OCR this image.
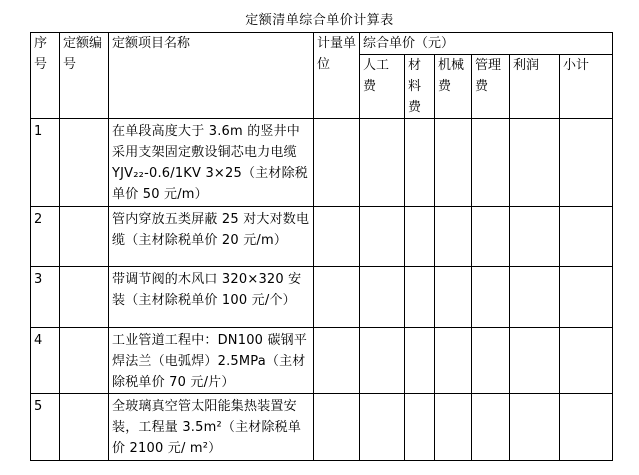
定额清单综合单价计算表
序号	定额编号	定额项目名称	计量单位	综合单价（元）					
				人工费	材料费	机械费	管理费	利润	小计
1		在单段高度大于 3.6m 的竖井中采用支架固定敷设铜芯电力电缆 YJV₂₂-0.6/1KV 3×25（主材除税单价 50 元/m）							
2		管内穿放五类屏蔽 25 对大对数电缆（主材除税单价 20 元/m）							
3		带调节阀的木风口 320×320 安装（主材除税单价 100 元/个）							
4		工业管道工程中：DN100 碳钢平焊法兰（电弧焊）2.5MPa（主材除税单价 70 元/片）							
5		全玻璃真空管太阳能集热装置安装，工程量 3.5m²（主材除税单价 2100 元/ m²）							
